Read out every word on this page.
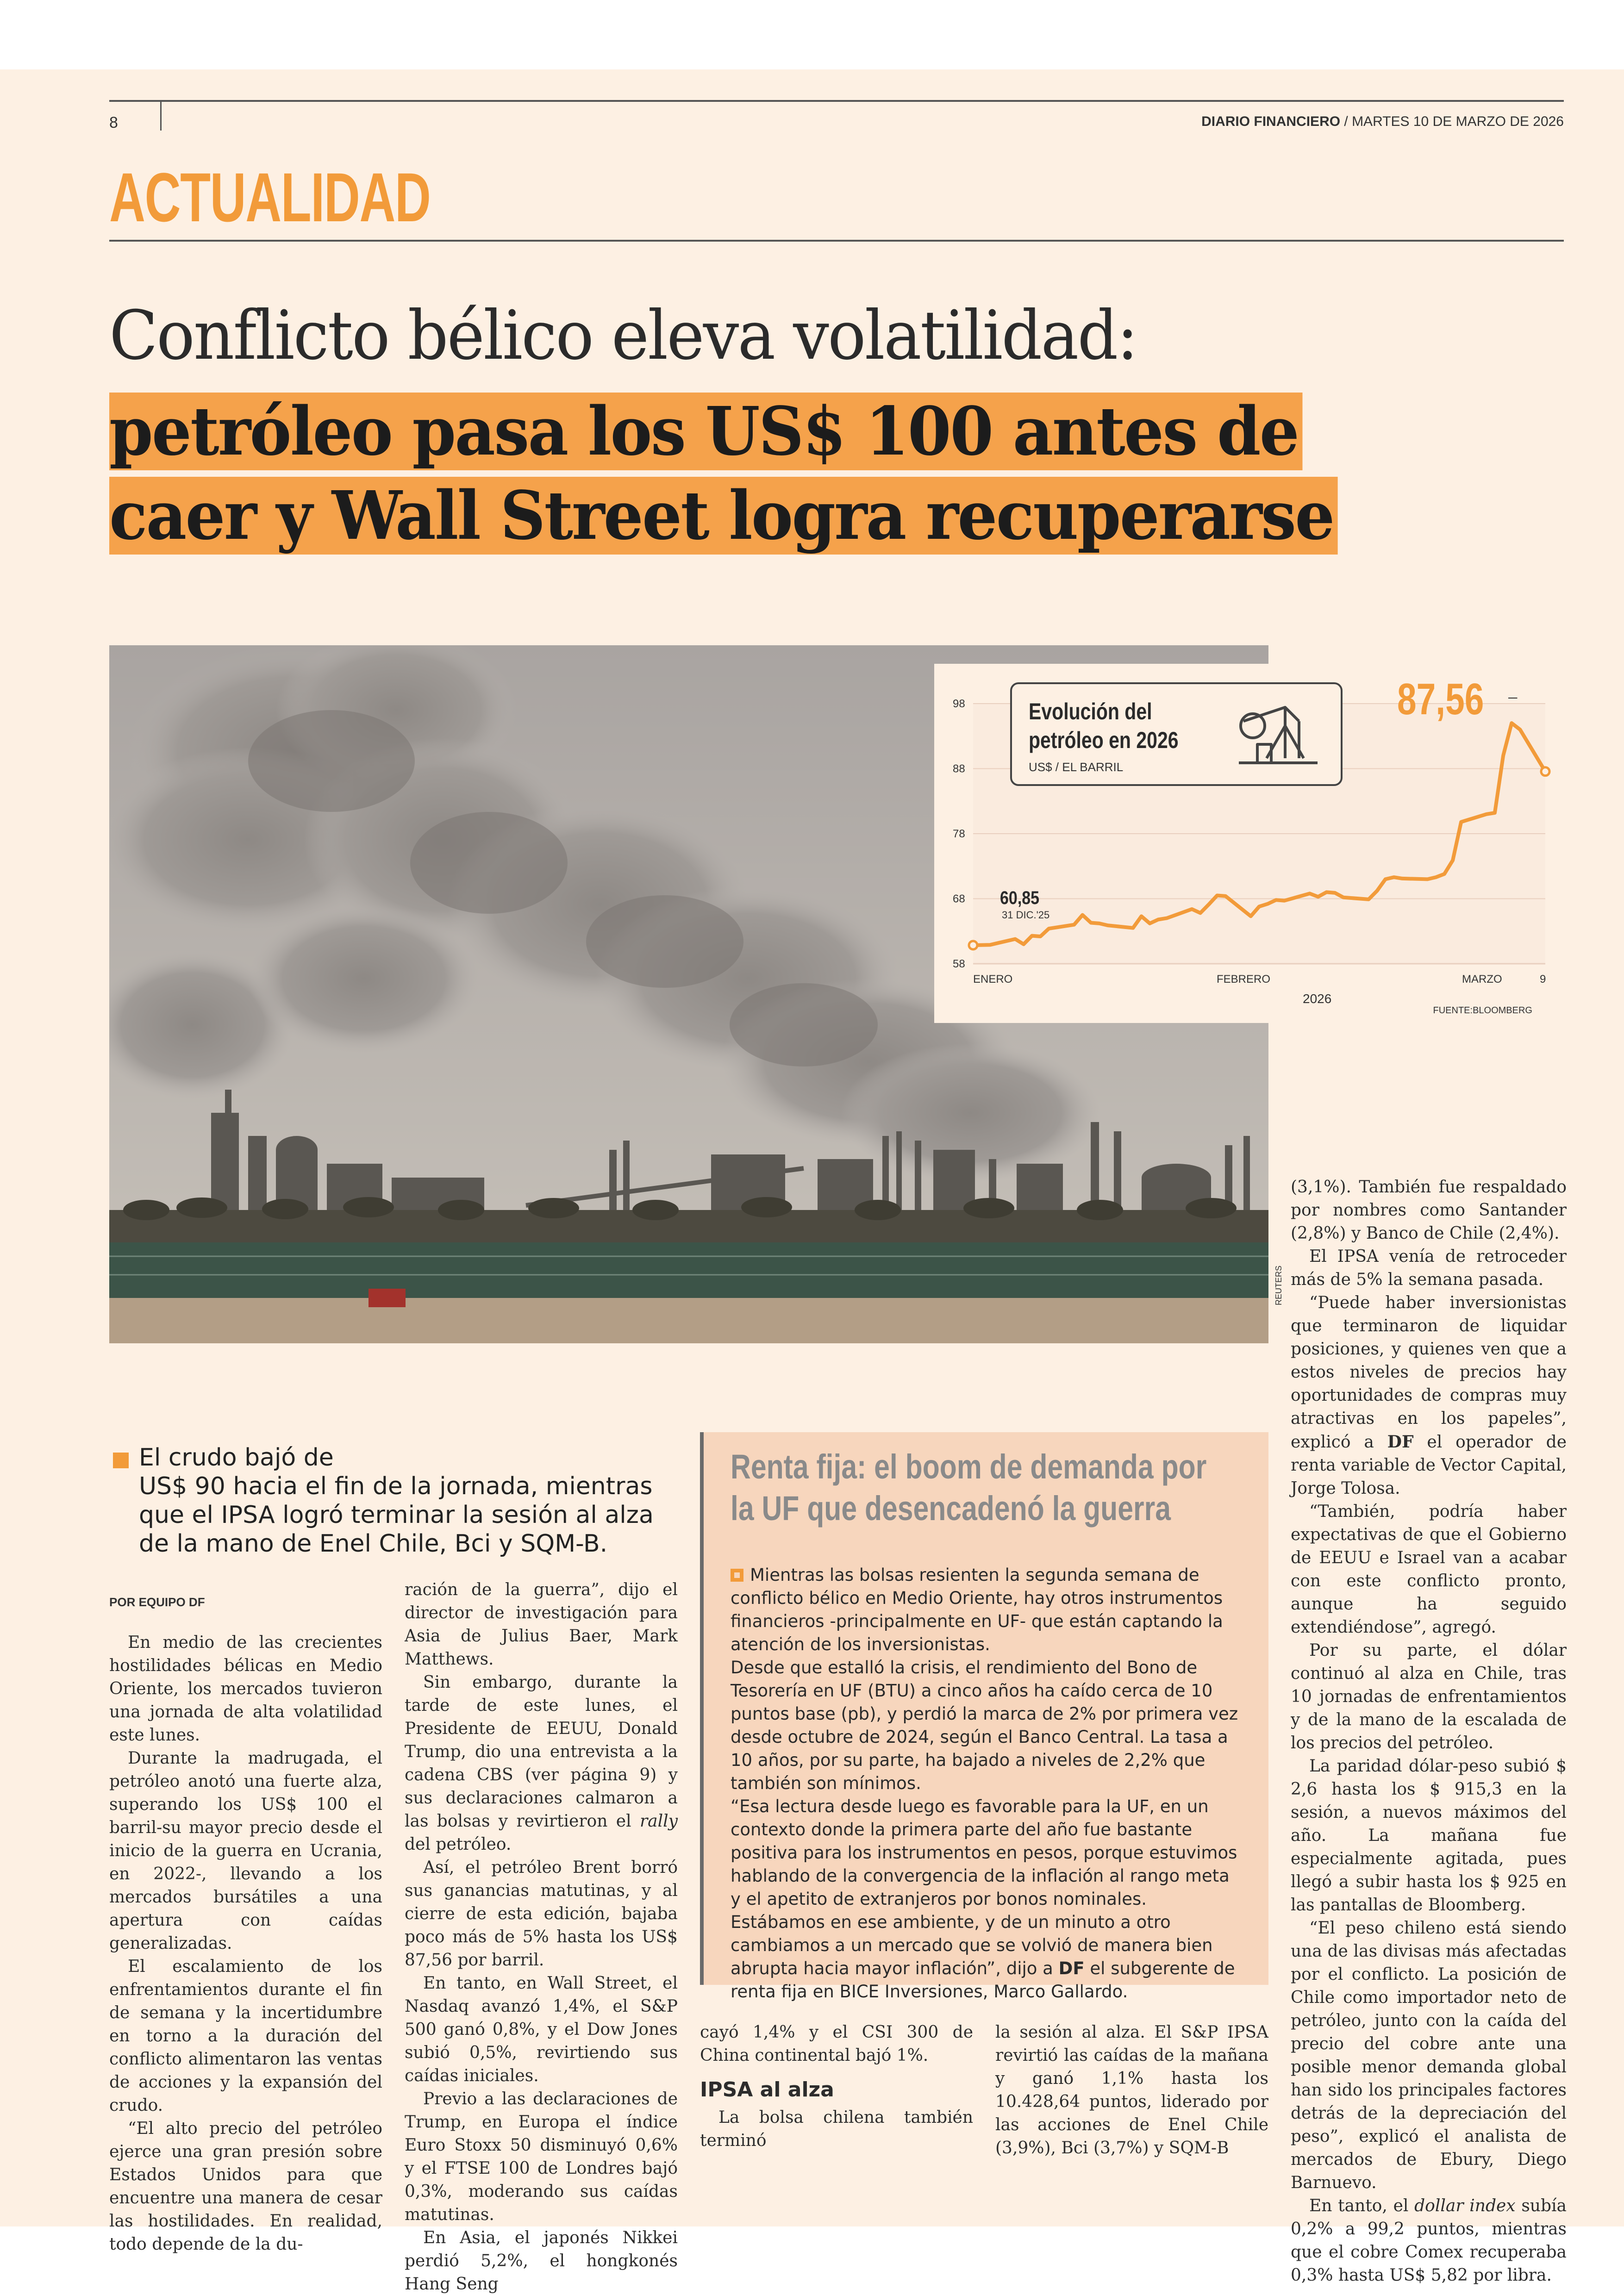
8	DIARIO FINANCIERO / MARTES 10 DE MARZO DE 2026
ACTUALIDAD
Conflicto bélico eleva volatilidad:
petróleo pasa los US$ 100 antes de
caer y Wall Street logra recuperarse
REUTERS
58
68
78
88
98	Evolución del
petróleo en 2026
US$ / EL BARRIL
87,56
60,85
31 DIC.'25
ENERO	FEBRERO	MARZO	9
2026
FUENTE:BLOOMBERG
El crudo bajó de
US$ 90 hacia el fin de la jornada, mientras que el IPSA logró terminar la sesión al alza de la mano de Enel Chile, Bci y SQM-B.
POR EQUIPO DF

En medio de las crecientes hostilidades bélicas en Medio Oriente, los mercados tuvieron una jornada de alta volatilidad este lunes.

Durante la madrugada, el petróleo anotó una fuerte alza, superando los US$ 100 el barril-su mayor precio desde el inicio de la guerra en Ucrania, en 2022-, llevando a los mercados bursátiles a una apertura con caídas generalizadas.

El escalamiento de los enfrentamientos durante el fin de semana y la incertidumbre en torno a la duración del conflicto alimentaron las ventas de acciones y la expansión del crudo.

“El alto precio del petróleo ejerce una gran presión sobre Estados Unidos para que encuentre una manera de cesar las hostilidades. En realidad, todo depende de la du-

ración de la guerra”, dijo el director de investigación para Asia de Julius Baer, Mark Matthews.

Sin embargo, durante la tarde de este lunes, el Presidente de EEUU, Donald Trump, dio una entrevista a la cadena CBS (ver página 9) y sus declaraciones calmaron a las bolsas y revirtieron el rally del petróleo.

Así, el petróleo Brent borró sus ganancias matutinas, y al cierre de esta edición, bajaba poco más de 5% hasta los US$ 87,56 por barril.

En tanto, en Wall Street, el Nasdaq avanzó 1,4%, el S&P 500 ganó 0,8%, y el Dow Jones subió 0,5%, revirtiendo sus caídas iniciales.

Previo a las declaraciones de Trump, en Europa el índice Euro Stoxx 50 disminuyó 0,6% y el FTSE 100 de Londres bajó 0,3%, moderando sus caídas matutinas.

En Asia, el japonés Nikkei perdió 5,2%, el hongkonés Hang Seng

Renta fija: el boom de demanda por la UF que desencadenó la guerra

Mientras las bolsas resienten la segunda semana de conflicto bélico en Medio Oriente, hay otros instrumentos financieros -principalmente en UF- que están captando la atención de los inversionistas.

Desde que estalló la crisis, el rendimiento del Bono de Tesorería en UF (BTU) a cinco años ha caído cerca de 10 puntos base (pb), y perdió la marca de 2% por primera vez desde octubre de 2024, según el Banco Central. La tasa a 10 años, por su parte, ha bajado a niveles de 2,2% que también son mínimos.

“Esa lectura desde luego es favorable para la UF, en un contexto donde la primera parte del año fue bastante positiva para los instrumentos en pesos, porque estuvimos hablando de la convergencia de la inflación al rango meta y el apetito de extranjeros por bonos nominales. Estábamos en ese ambiente, y de un minuto a otro cambiamos a un mercado que se volvió de manera bien abrupta hacia mayor inflación”, dijo a DF el subgerente de renta fija en BICE Inversiones, Marco Gallardo.

cayó 1,4% y el CSI 300 de China continental bajó 1%.

IPSA al alza

La bolsa chilena también terminó

la sesión al alza. El S&P IPSA revirtió las caídas de la mañana y ganó 1,1% hasta los 10.428,64 puntos, liderado por las acciones de Enel Chile (3,9%), Bci (3,7%) y SQM-B

(3,1%). También fue respaldado por nombres como Santander (2,8%) y Banco de Chile (2,4%).

El IPSA venía de retroceder más de 5% la semana pasada.

“Puede haber inversionistas que terminaron de liquidar posiciones, y quienes ven que a estos niveles de precios hay oportunidades de compras muy atractivas en los papeles”, explicó a DF el operador de renta variable de Vector Capital, Jorge Tolosa.

“También, podría haber expectativas de que el Gobierno de EEUU e Israel van a acabar con este conflicto pronto, aunque ha seguido extendiéndose”, agregó.

Por su parte, el dólar continuó al alza en Chile, tras 10 jornadas de enfrentamientos y de la mano de la escalada de los precios del petróleo.

La paridad dólar-peso subió $ 2,6 hasta los $ 915,3 en la sesión, a nuevos máximos del año. La mañana fue especialmente agitada, pues llegó a subir hasta los $ 925 en las pantallas de Bloomberg.

“El peso chileno está siendo una de las divisas más afectadas por el conflicto. La posición de Chile como importador neto de petróleo, junto con la caída del precio del cobre ante una posible menor demanda global han sido los principales factores detrás de la depreciación del peso”, explicó el analista de mercados de Ebury, Diego Barnuevo.

En tanto, el dollar index subía 0,2% a 99,2 puntos, mientras que el cobre Comex recuperaba 0,3% hasta US$ 5,82 por libra.
